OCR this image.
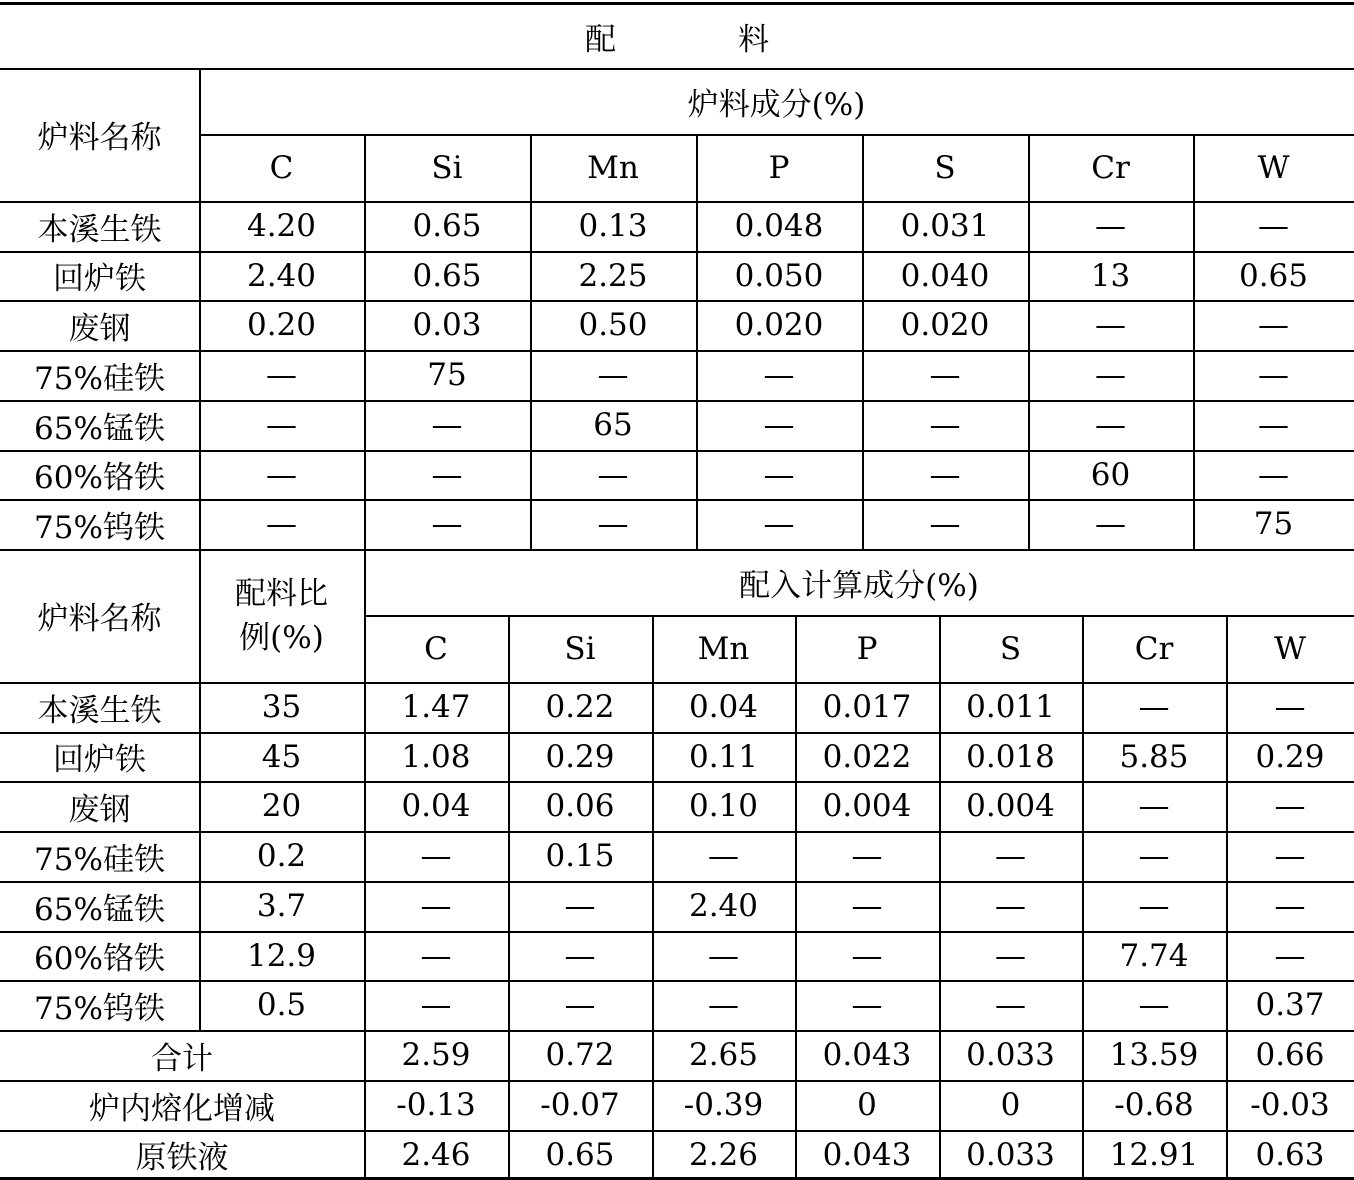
配	料
炉料名称
炉料成分(%)
C	Si	Mn	P	S	Cr	W
本溪生铁	4.20	0.65	0.13	0.048	0.031	—	—
回炉铁	2.40	0.65	2.25	0.050	0.040	13	0.65
废钢	0.20	0.03	0.50	0.020	0.020	—	—
75%硅铁	—	75	—	—	—	—	—
65%锰铁	—	—	65	—	—	—	—
60%铬铁	—	—	—	—	—	60	—
75%钨铁	—	—	—	—	—	—	75
炉料名称
配料比
例(%)
配入计算成分(%)
C	Si	Mn	P	S	Cr	W
本溪生铁	35	1.47	0.22	0.04	0.017	0.011	—	—
回炉铁	45	1.08	0.29	0.11	0.022	0.018	5.85	0.29
废钢	20	0.04	0.06	0.10	0.004	0.004	—	—
75%硅铁	0.2	—	0.15	—	—	—	—	—
65%锰铁	3.7	—	—	2.40	—	—	—	—
60%铬铁	12.9	—	—	—	—	—	7.74	—
75%钨铁	0.5	—	—	—	—	—	—	0.37
合计	2.59	0.72	2.65	0.043	0.033	13.59	0.66
炉内熔化增减	-0.13	-0.07	-0.39	0	0	-0.68	-0.03
原铁液	2.46	0.65	2.26	0.043	0.033	12.91	0.63
